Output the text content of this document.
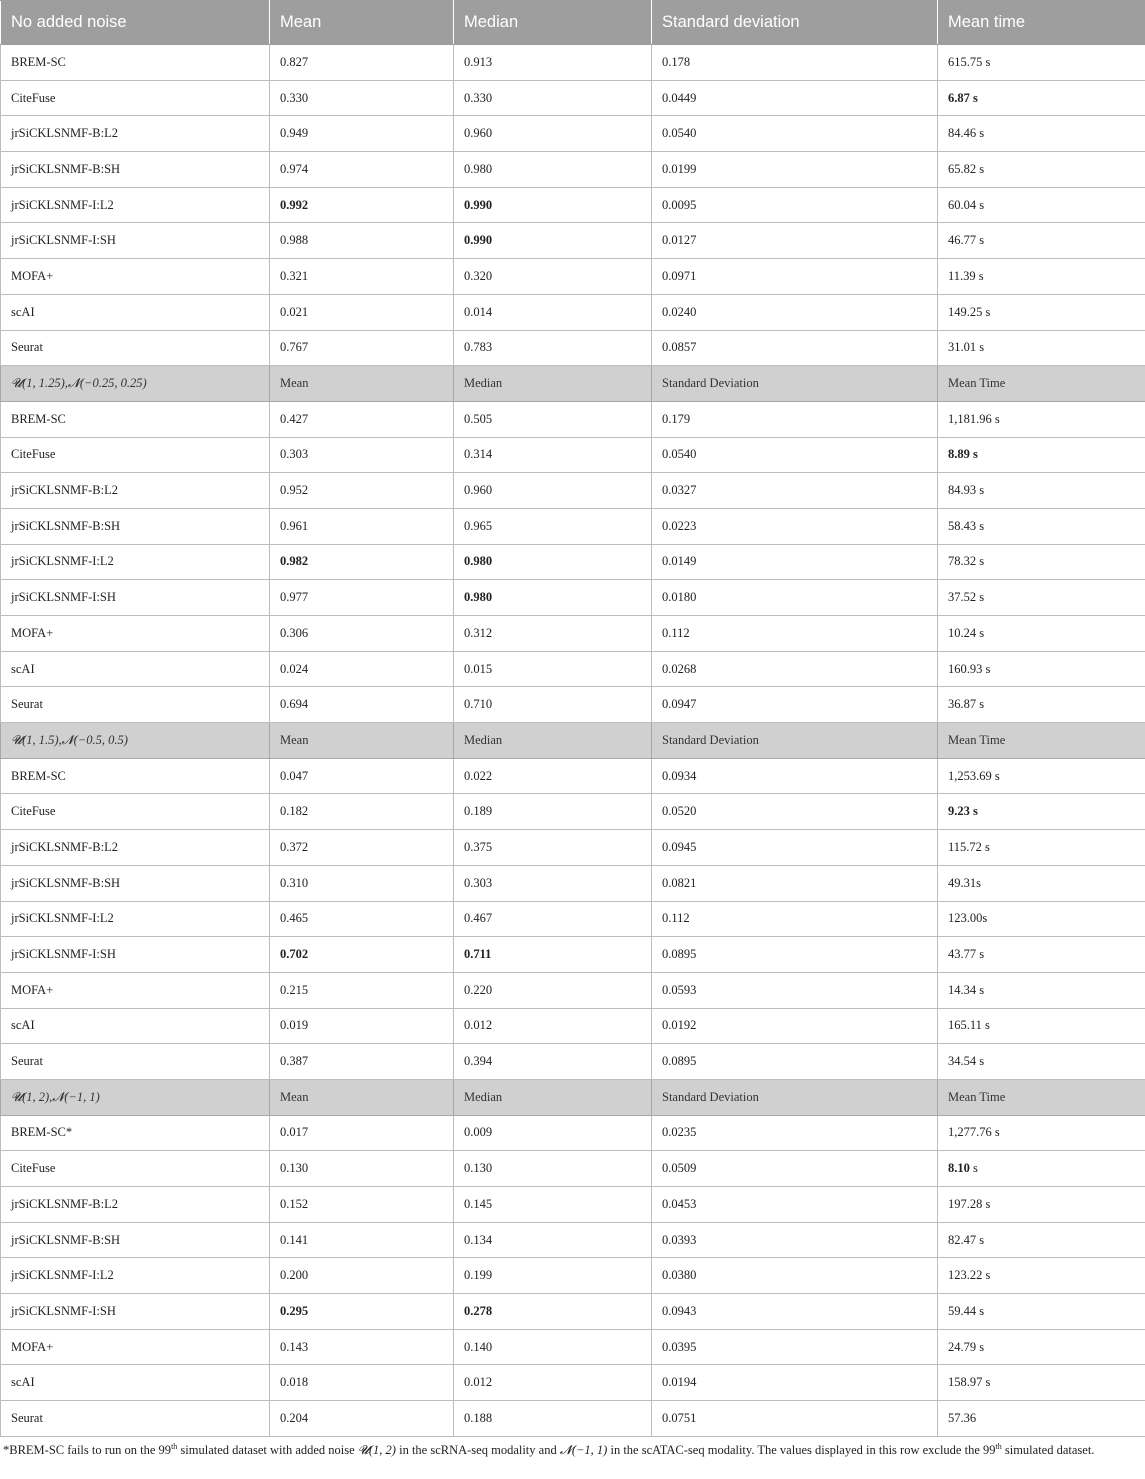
No added noise	Mean	Median	Standard deviation	Mean time
BREM-SC	0.827	0.913	0.178	615.75 s
CiteFuse	0.330	0.330	0.0449	6.87 s
jrSiCKLSNMF-B:L2	0.949	0.960	0.0540	84.46 s
jrSiCKLSNMF-B:SH	0.974	0.980	0.0199	65.82 s
jrSiCKLSNMF-I:L2	0.992	0.990	0.0095	60.04 s
jrSiCKLSNMF-I:SH	0.988	0.990	0.0127	46.77 s
MOFA+	0.321	0.320	0.0971	11.39 s
scAI	0.021	0.014	0.0240	149.25 s
Seurat	0.767	0.783	0.0857	31.01 s
𝓤(1, 1.25),𝓝(−0.25, 0.25)	Mean	Median	Standard Deviation	Mean Time
BREM-SC	0.427	0.505	0.179	1,181.96 s
CiteFuse	0.303	0.314	0.0540	8.89 s
jrSiCKLSNMF-B:L2	0.952	0.960	0.0327	84.93 s
jrSiCKLSNMF-B:SH	0.961	0.965	0.0223	58.43 s
jrSiCKLSNMF-I:L2	0.982	0.980	0.0149	78.32 s
jrSiCKLSNMF-I:SH	0.977	0.980	0.0180	37.52 s
MOFA+	0.306	0.312	0.112	10.24 s
scAI	0.024	0.015	0.0268	160.93 s
Seurat	0.694	0.710	0.0947	36.87 s
𝓤(1, 1.5),𝓝(−0.5, 0.5)	Mean	Median	Standard Deviation	Mean Time
BREM-SC	0.047	0.022	0.0934	1,253.69 s
CiteFuse	0.182	0.189	0.0520	9.23 s
jrSiCKLSNMF-B:L2	0.372	0.375	0.0945	115.72 s
jrSiCKLSNMF-B:SH	0.310	0.303	0.0821	49.31s
jrSiCKLSNMF-I:L2	0.465	0.467	0.112	123.00s
jrSiCKLSNMF-I:SH	0.702	0.711	0.0895	43.77 s
MOFA+	0.215	0.220	0.0593	14.34 s
scAI	0.019	0.012	0.0192	165.11 s
Seurat	0.387	0.394	0.0895	34.54 s
𝓤(1, 2),𝓝(−1, 1)	Mean	Median	Standard Deviation	Mean Time
BREM-SC*	0.017	0.009	0.0235	1,277.76 s
CiteFuse	0.130	0.130	0.0509	8.10 s
jrSiCKLSNMF-B:L2	0.152	0.145	0.0453	197.28 s
jrSiCKLSNMF-B:SH	0.141	0.134	0.0393	82.47 s
jrSiCKLSNMF-I:L2	0.200	0.199	0.0380	123.22 s
jrSiCKLSNMF-I:SH	0.295	0.278	0.0943	59.44 s
MOFA+	0.143	0.140	0.0395	24.79 s
scAI	0.018	0.012	0.0194	158.97 s
Seurat	0.204	0.188	0.0751	57.36
*BREM-SC fails to run on the 99th simulated dataset with added noise 𝓤(1, 2) in the scRNA-seq modality and 𝓝(−1, 1) in the scATAC-seq modality. The values displayed in this row exclude the 99th simulated dataset.
